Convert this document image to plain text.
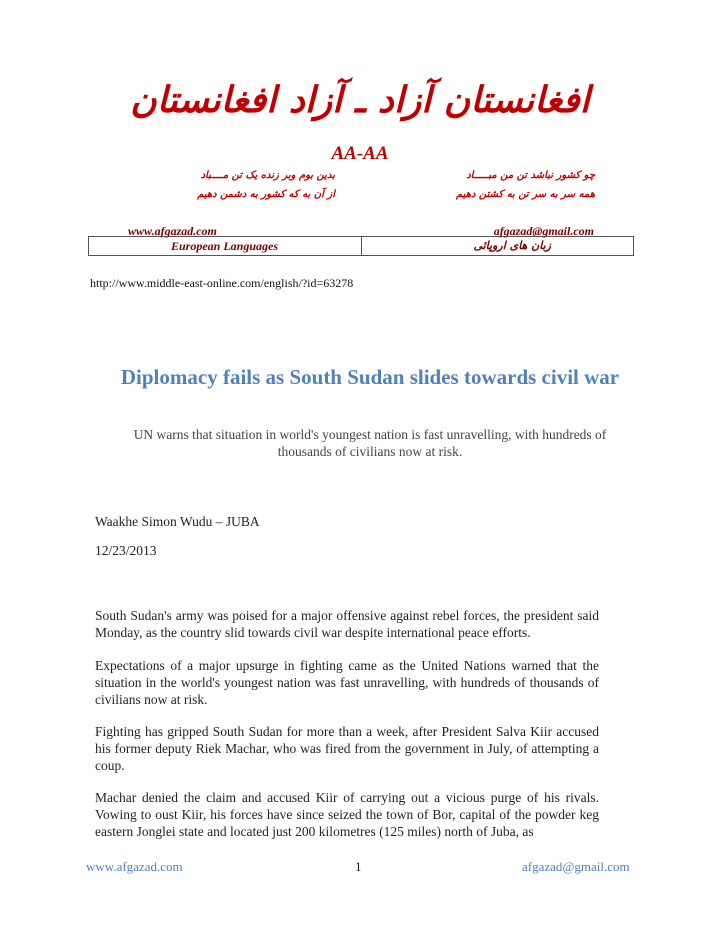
افغانستان آزاد ـ آزاد افغانستان
AA-AA
چو کشور نباشد تن من مبـــــاد
همه سر به سر تن به کشتن دهیم
بدین بوم وبر زنده یک تن مــــباد
از آن به که کشور به دشمن دهیم
www.afgazad.com	afgazad@gmail.com
European Languages	زبان های اروپائی
http://www.middle-east-online.com/english/?id=63278
Diplomacy fails as South Sudan slides towards civil war
UN warns that situation in world's youngest nation is fast unravelling, with hundreds of thousands of civilians now at risk.
Waakhe Simon Wudu – JUBA
12/23/2013
South Sudan's army was poised for a major offensive against rebel forces, the president said Monday, as the country slid towards civil war despite international peace efforts.
Expectations of a major upsurge in fighting came as the United Nations warned that the situation in the world's youngest nation was fast unravelling, with hundreds of thousands of civilians now at risk.
Fighting has gripped South Sudan for more than a week, after President Salva Kiir accused his former deputy Riek Machar, who was fired from the government in July, of attempting a coup.
Machar denied the claim and accused Kiir of carrying out a vicious purge of his rivals. Vowing to oust Kiir, his forces have since seized the town of Bor, capital of the powder keg eastern Jonglei state and located just 200 kilometres (125 miles) north of Juba, as
www.afgazad.com	1	afgazad@gmail.com
